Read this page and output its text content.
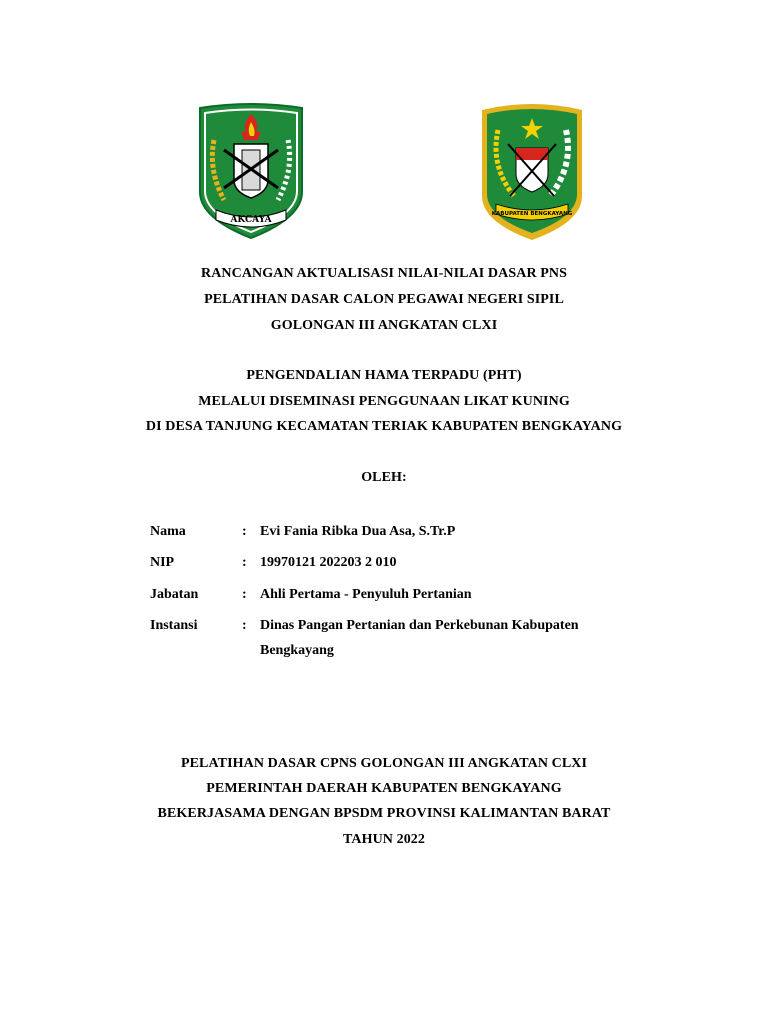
AKCAYA
KABUPATEN BENGKAYANG
RANCANGAN AKTUALISASI NILAI-NILAI DASAR PNS
PELATIHAN DASAR CALON PEGAWAI NEGERI SIPIL
GOLONGAN III ANGKATAN CLXI
PENGENDALIAN HAMA TERPADU (PHT)
MELALUI DISEMINASI PENGGUNAAN LIKAT KUNING
DI DESA TANJUNG KECAMATAN TERIAK KABUPATEN BENGKAYANG
OLEH:
Nama	: Evi Fania Ribka Dua Asa, S.Tr.P
NIP	: 19970121 202203 2 010
Jabatan	: Ahli Pertama - Penyuluh Pertanian
Instansi	: Dinas Pangan Pertanian dan Perkebunan Kabupaten
Bengkayang
PELATIHAN DASAR CPNS GOLONGAN III ANGKATAN CLXI
PEMERINTAH DAERAH KABUPATEN BENGKAYANG
BEKERJASAMA DENGAN BPSDM PROVINSI KALIMANTAN BARAT
TAHUN 2022
